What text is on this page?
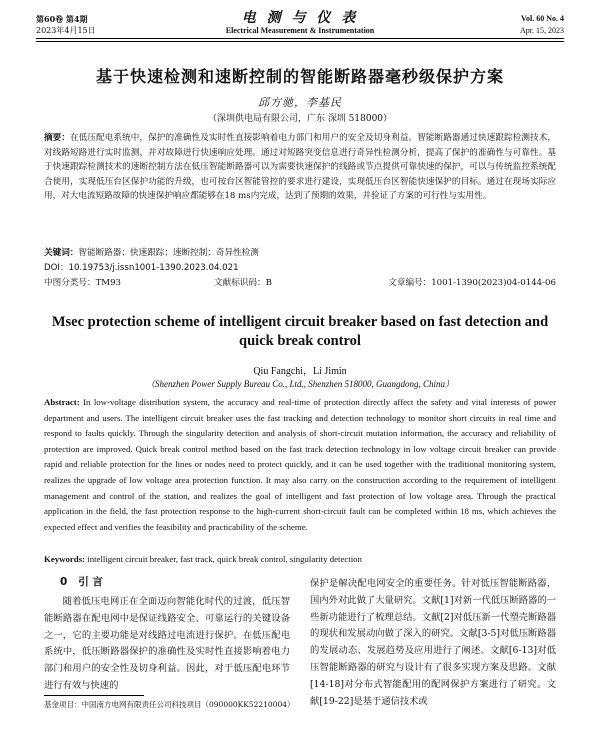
第60卷 第4期
2023年4月15日
电 测 与 仪 表
Electrical Measurement & Instrumentation
Vol. 60 No. 4
Apr. 15, 2023
基于快速检测和速断控制的智能断路器毫秒级保护方案
邱方驰，李基民
（深圳供电局有限公司，广东 深圳 518000）
摘要：在低压配电系统中，保护的准确性及实时性直接影响着电力部门和用户的安全及切身利益。智能断路器通过快速跟踪检测技术，对线路短路进行实时监测，并对故障进行快速响应处理。通过对短路突变信息进行奇异性检测分析，提高了保护的准确性与可靠性。基于快速跟踪检测技术的速断控制方法在低压智能断路器可以为需要快速保护的线路或节点提供可靠快速的保护，可以与传统监控系统配合使用，实现低压台区保护功能的升级，也可按台区智能管控的要求进行建设，实现低压台区智能快速保护的目标。通过在现场实际应用，对大电流短路故障的快速保护响应都能够在18 ms内完成，达到了预期的效果，并验证了方案的可行性与实用性。
关键词：智能断路器；快速跟踪；速断控制；奇异性检测
DOI：10.19753/j.issn1001-1390.2023.04.021
中图分类号：TM93	文献标识码：B	文章编号：1001-1390(2023)04-0144-06
Msec protection scheme of intelligent circuit breaker based on fast detection and quick break control
Qiu Fangchi，Li Jimin
（Shenzhen Power Supply Bureau Co., Ltd., Shenzhen 518000, Guangdong, China）
Abstract: In low-voltage distribution system, the accuracy and real-time of protection directly affect the safety and vital interests of power department and users. The intelligent circuit breaker uses the fast tracking and detection technology to monitor short circuits in real time and respond to faults quickly. Through the singularity detection and analysis of short-circuit mutation information, the accuracy and reliability of protection are improved. Quick break control method based on the fast track detection technology in low voltage circuit breaker can provide rapid and reliable protection for the lines or nodes need to protect quickly, and it can be used together with the traditional monitoring system, realizes the upgrade of low voltage area protection function. It may also carry on the construction according to the requirement of intelligent management and control of the station, and realizes the goal of intelligent and fast protection of low voltage area. Through the practical application in the field, the fast protection response to the high-current short-circuit fault can be completed within 18 ms, which achieves the expected effect and verifies the feasibility and practicability of the scheme.
Keywords: intelligent circuit breaker, fast track, quick break control, singularity detection
0 引 言
随着低压电网正在全面迈向智能化时代的过渡，低压智能断路器在配电网中是保证线路安全、可靠运行的关键设备之一，它的主要功能是对线路过电流进行保护。在低压配电系统中，低压断路器保护的准确性及实时性直接影响着电力部门和用户的安全性及切身利益。因此，对于低压配电环节进行有效与快速的
保护是解决配电网安全的重要任务。针对低压智能断路器，国内外对此做了大量研究。文献[1]对新一代低压断路器的一些新功能进行了梳理总结。文献[2]对低压新一代塑壳断路器的现状和发展动向做了深入的研究。文献[3-5]对低压断路器的发展动态、发展趋势及应用进行了阐述。文献[6-13]对低压智能断路器的研究与设计有了很多实现方案及思路。文献[14-18]对分布式智能配用的配网保护方案进行了研究。文献[19-22]是基于通信技术或
基金项目：中国南方电网有限责任公司科技项目（090000KK52210004）
